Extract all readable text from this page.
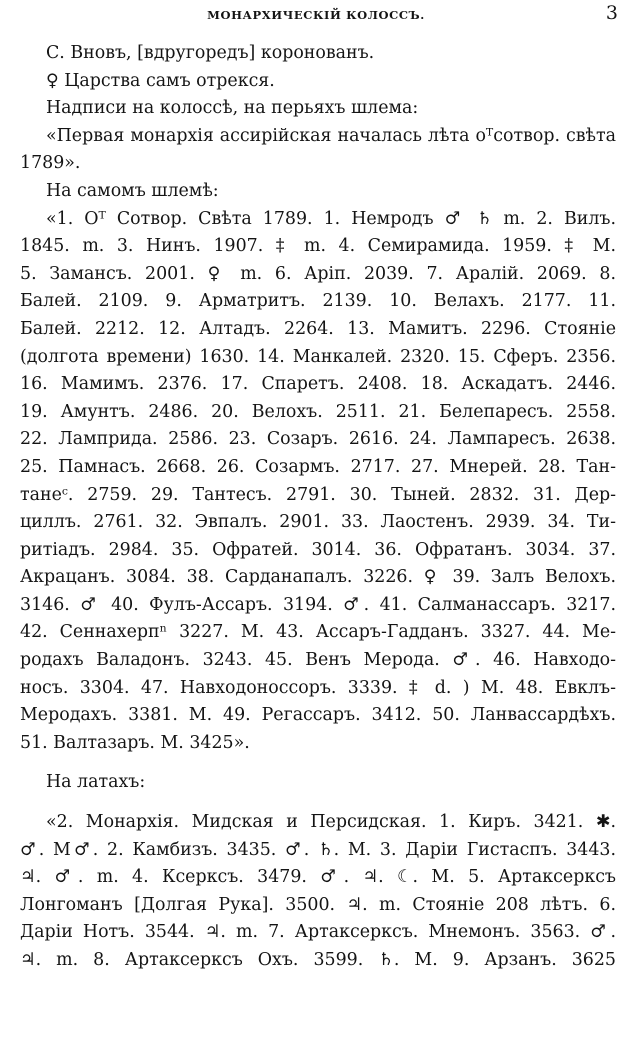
МОНАРХИЧЕСКІЙ КОЛОССЪ.	3
С. Вновъ, [вдругоредъ] коронованъ.
♀ Царства самъ отрекся.
Надписи на колоссѣ, на перьяхъ шлема:
«Первая монархія ассирійская началась лѣта оᵀсотвор. свѣта
1789».
На самомъ шлемѣ:
«1. Оᵀ Сотвор. Свѣта 1789. 1. Немродъ ♂ ♄ m. 2. Вилъ.
1845. m. 3. Нинъ. 1907. ‡ m. 4. Семирамида. 1959. ‡ М.
5. Замансъ. 2001. ♀ m. 6. Аріп. 2039. 7. Аралій. 2069. 8.
Балей. 2109. 9. Арматритъ. 2139. 10. Велахъ. 2177. 11.
Балей. 2212. 12. Алтадъ. 2264. 13. Мамитъ. 2296. Стояніе
(долгота времени) 1630. 14. Манкалей. 2320. 15. Сферъ. 2356.
16. Мамимъ. 2376. 17. Спаретъ. 2408. 18. Аскадатъ. 2446.
19. Амунтъ. 2486. 20. Велохъ. 2511. 21. Белепаресъ. 2558.
22. Ламприда. 2586. 23. Созаръ. 2616. 24. Лампаресъ. 2638.
25. Памнасъ. 2668. 26. Созармъ. 2717. 27. Мнерей. 28. Тан-
танеᶜ. 2759. 29. Тантесъ. 2791. 30. Тыней. 2832. 31. Дер-
циллъ. 2761. 32. Эвпалъ. 2901. 33. Лаостенъ. 2939. 34. Ти-
ритіадъ. 2984. 35. Офратей. 3014. 36. Офратанъ. 3034. 37.
Акрацанъ. 3084. 38. Сарданапалъ. 3226. ♀ 39. Залъ Велохъ.
3146. ♂ 40. Фулъ-Ассаръ. 3194. ♂. 41. Салманассаръ. 3217.
42. Сеннахерпⁿ 3227. М. 43. Ассаръ-Гадданъ. 3327. 44. Ме-
родахъ Валадонъ. 3243. 45. Венъ Мерода. ♂. 46. Навходо-
носъ. 3304. 47. Навходоноссоръ. 3339. ‡ d. ) М. 48. Евклъ-
Меродахъ. 3381. М. 49. Регассаръ. 3412. 50. Ланвассардѣхъ.
51. Валтазаръ. М. 3425».
На латахъ:
«2. Монархія. Мидская и Персидская. 1. Киръ. 3421. ✱.
♂. М♂. 2. Камбизъ. 3435. ♂. ♄. М. 3. Даріи Гистаспъ. 3443.
♃. ♂. m. 4. Ксерксъ. 3479. ♂. ♃. ☾. М. 5. Артаксерксъ
Лонгоманъ [Долгая Рука]. 3500. ♃. m. Стояніе 208 лѣтъ. 6.
Даріи Нотъ. 3544. ♃. m. 7. Артаксерксъ. Мнемонъ. 3563. ♂.
♃. m. 8. Артаксерксъ Охъ. 3599. ♄. М. 9. Арзанъ. 3625
